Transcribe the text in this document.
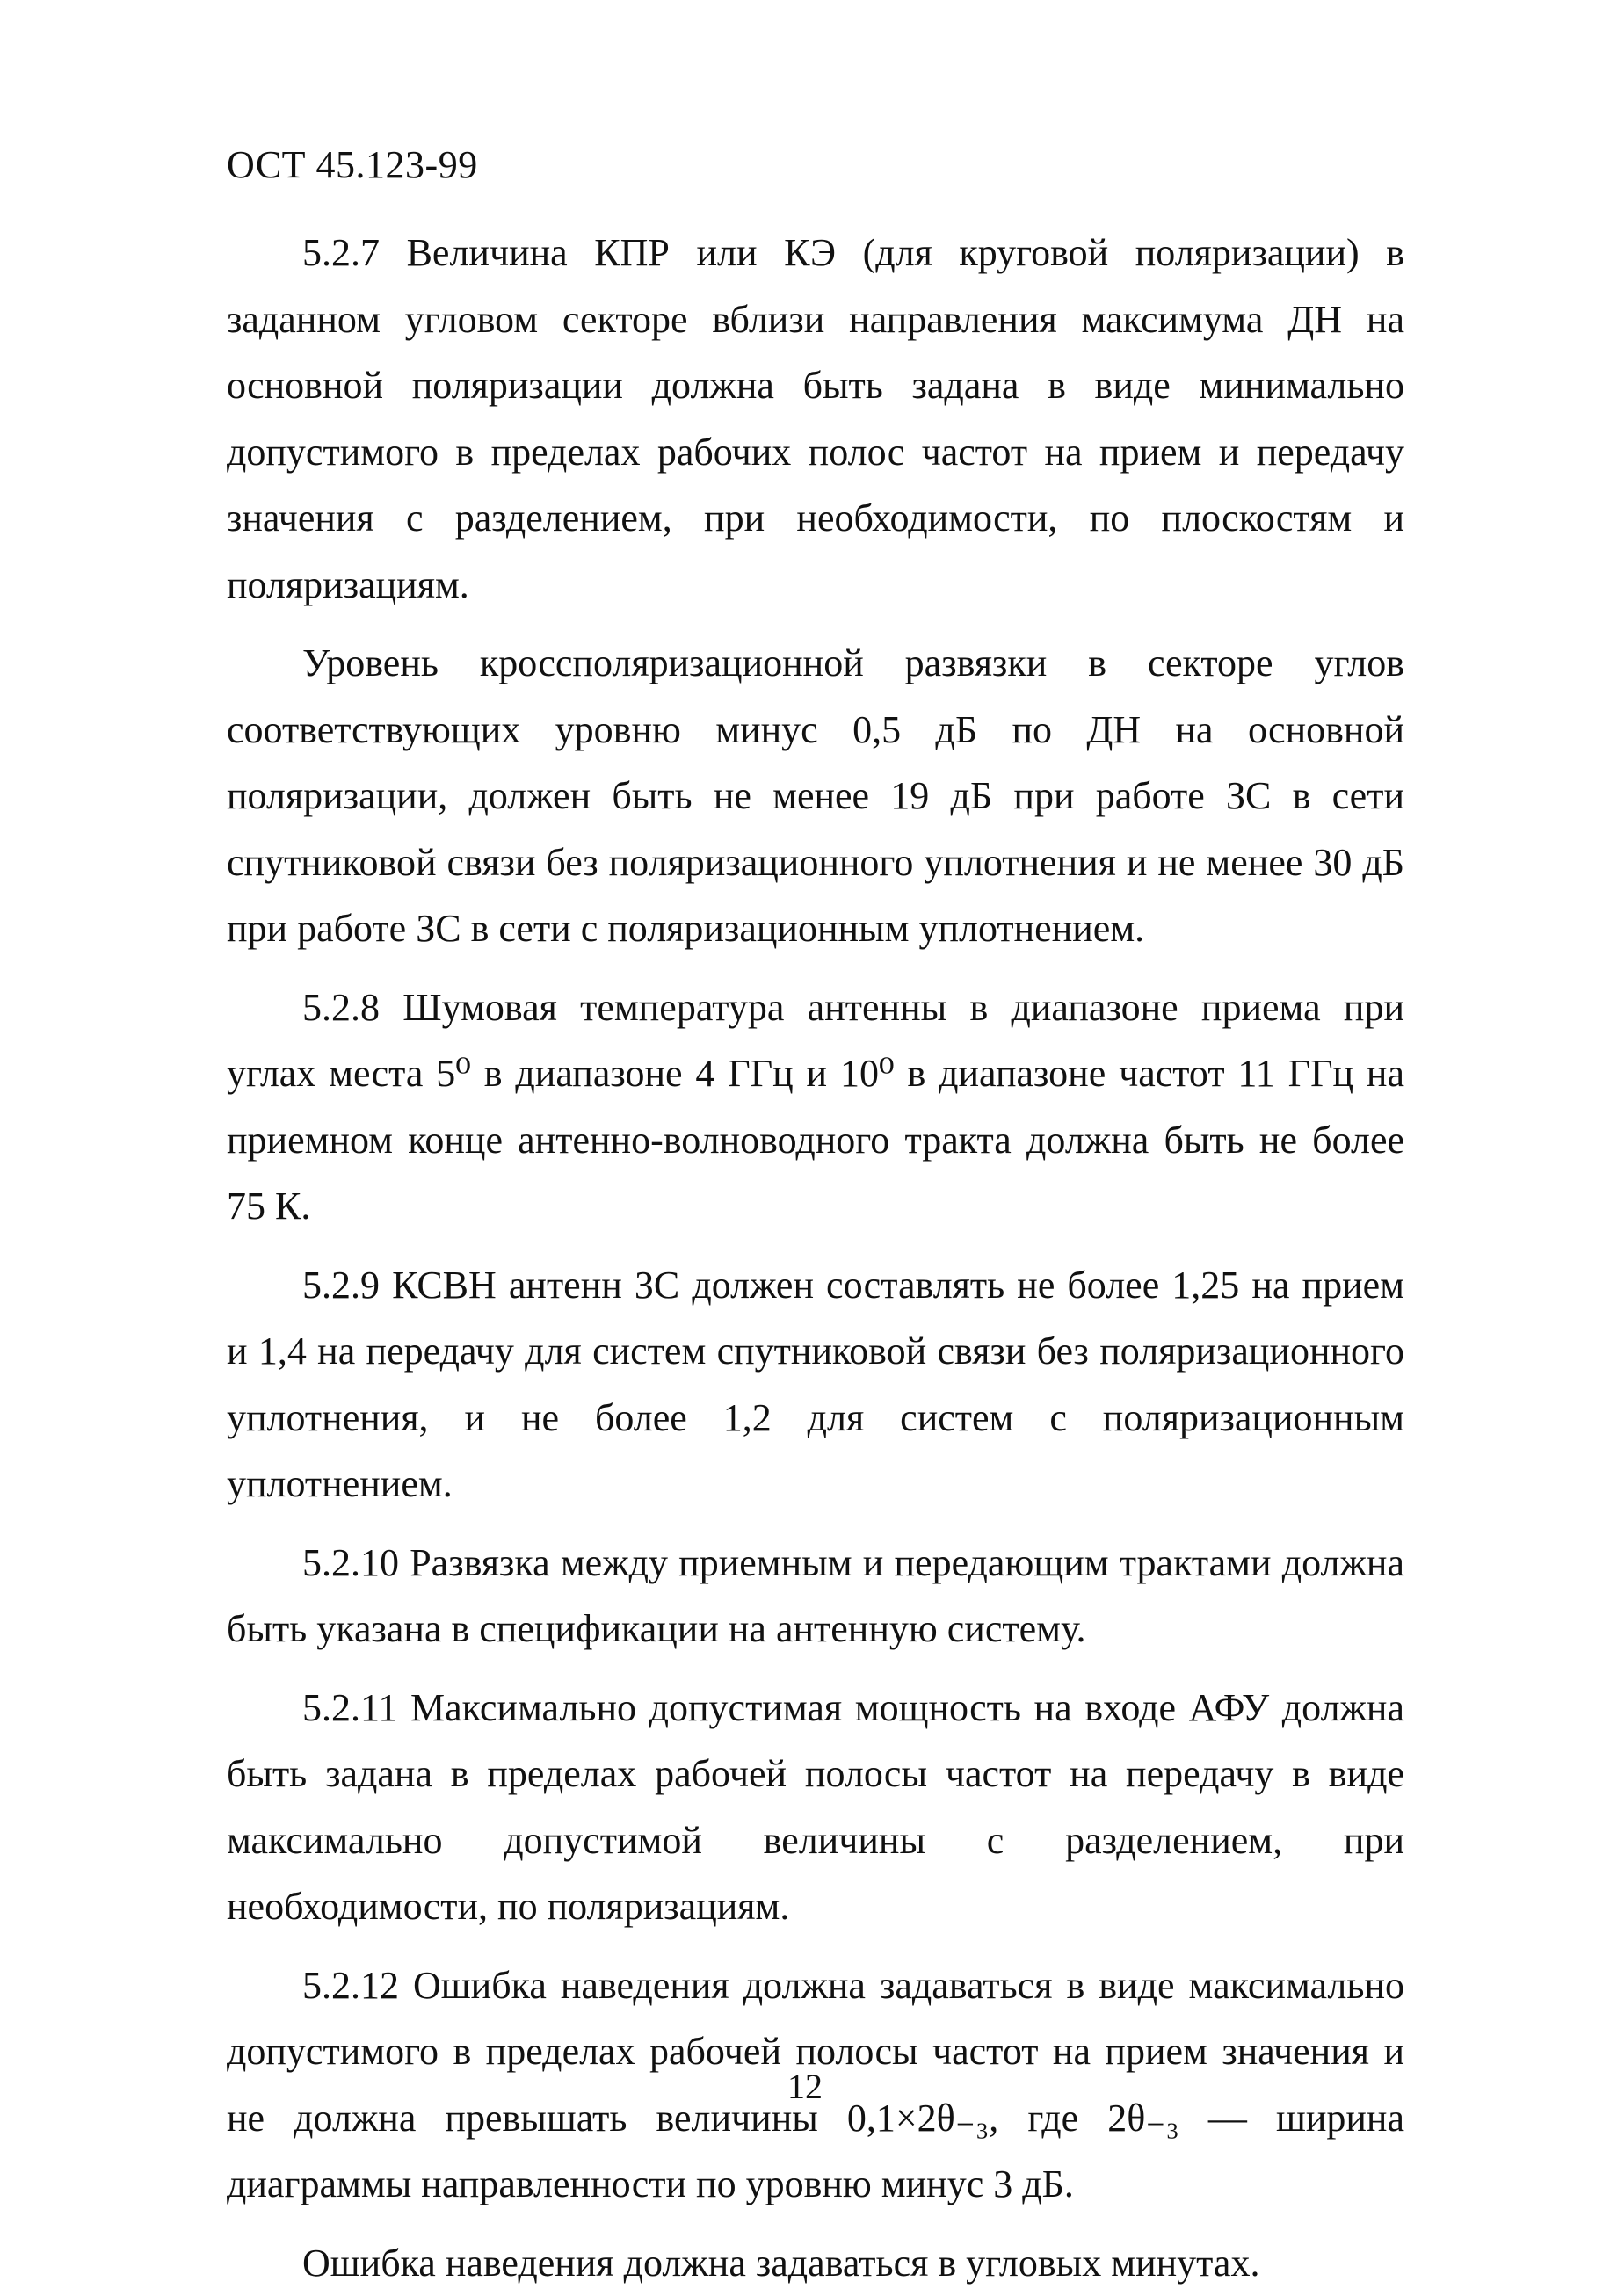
ОСТ 45.123-99

5.2.7 Величина КПР или КЭ (для круговой поляризации) в заданном угловом секторе вблизи направления максимума ДН на основной поляризации должна быть задана в виде минимально допустимого в пределах рабочих полос частот на прием и передачу значения с разделением, при необходимости, по плоскостям и поляризациям.

Уровень кроссполяризационной развязки в секторе углов соответствующих уровню минус 0,5 дБ по ДН на основной поляризации, должен быть не менее 19 дБ при работе ЗС в сети спутниковой связи без поляризационного уплотнения и не менее 30 дБ при работе ЗС в сети с поляризационным уплотнением.

5.2.8 Шумовая температура антенны в диапазоне приема при углах места 5⁰ в диапазоне 4 ГГц и 10⁰ в диапазоне частот 11 ГГц на приемном конце антенно-волноводного тракта должна быть не более 75 К.

5.2.9 КСВН антенн ЗС должен составлять не более 1,25 на прием и 1,4 на передачу для систем спутниковой связи без поляризационного уплотнения, и не более 1,2 для систем с поляризационным уплотнением.

5.2.10 Развязка между приемным и передающим трактами должна быть указана в спецификации на антенную систему.

5.2.11 Максимально допустимая мощность на входе АФУ должна быть задана в пределах рабочей полосы частот на передачу в виде максимально допустимой величины с разделением, при необходимости, по поляризациям.

5.2.12 Ошибка наведения должна задаваться в виде максимально допустимого в пределах рабочей полосы частот на прием значения и не должна превышать величины 0,1×2θ₋₃, где 2θ₋₃ — ширина диаграммы направленности по уровню минус 3 дБ.

Ошибка наведения должна задаваться в угловых минутах.

12
